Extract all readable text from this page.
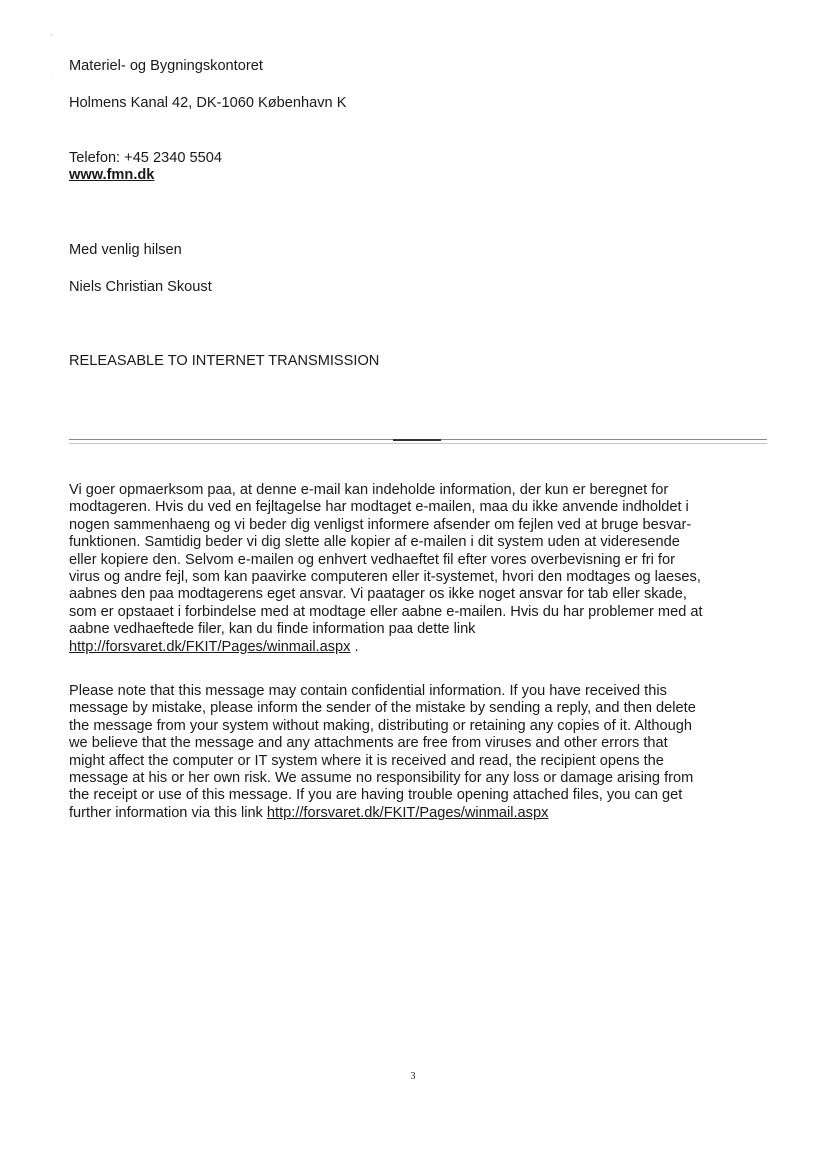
'
·
Materiel- og Bygningskontoret
Holmens Kanal 42, DK-1060 København K
Telefon: +45 2340 5504
www.fmn.dk
Med venlig hilsen
Niels Christian Skoust
RELEASABLE TO INTERNET TRANSMISSION
Vi goer opmaerksom paa, at denne e-mail kan indeholde information, der kun er beregnet for
modtageren. Hvis du ved en fejltagelse har modtaget e-mailen, maa du ikke anvende indholdet i
nogen sammenhaeng og vi beder dig venligst informere afsender om fejlen ved at bruge besvar-
funktionen. Samtidig beder vi dig slette alle kopier af e-mailen i dit system uden at videresende
eller kopiere den. Selvom e-mailen og enhvert vedhaeftet fil efter vores overbevisning er fri for
virus og andre fejl, som kan paavirke computeren eller it-systemet, hvori den modtages og laeses,
aabnes den paa modtagerens eget ansvar. Vi paatager os ikke noget ansvar for tab eller skade,
som er opstaaet i forbindelse med at modtage eller aabne e-mailen. Hvis du har problemer med at
aabne vedhaeftede filer, kan du finde information paa dette link
http://forsvaret.dk/FKIT/Pages/winmail.aspx .
Please note that this message may contain confidential information. If you have received this
message by mistake, please inform the sender of the mistake by sending a reply, and then delete
the message from your system without making, distributing or retaining any copies of it. Although
we believe that the message and any attachments are free from viruses and other errors that
might affect the computer or IT system where it is received and read, the recipient opens the
message at his or her own risk. We assume no responsibility for any loss or damage arising from
the receipt or use of this message. If you are having trouble opening attached files, you can get
further information via this link http://forsvaret.dk/FKIT/Pages/winmail.aspx
3
